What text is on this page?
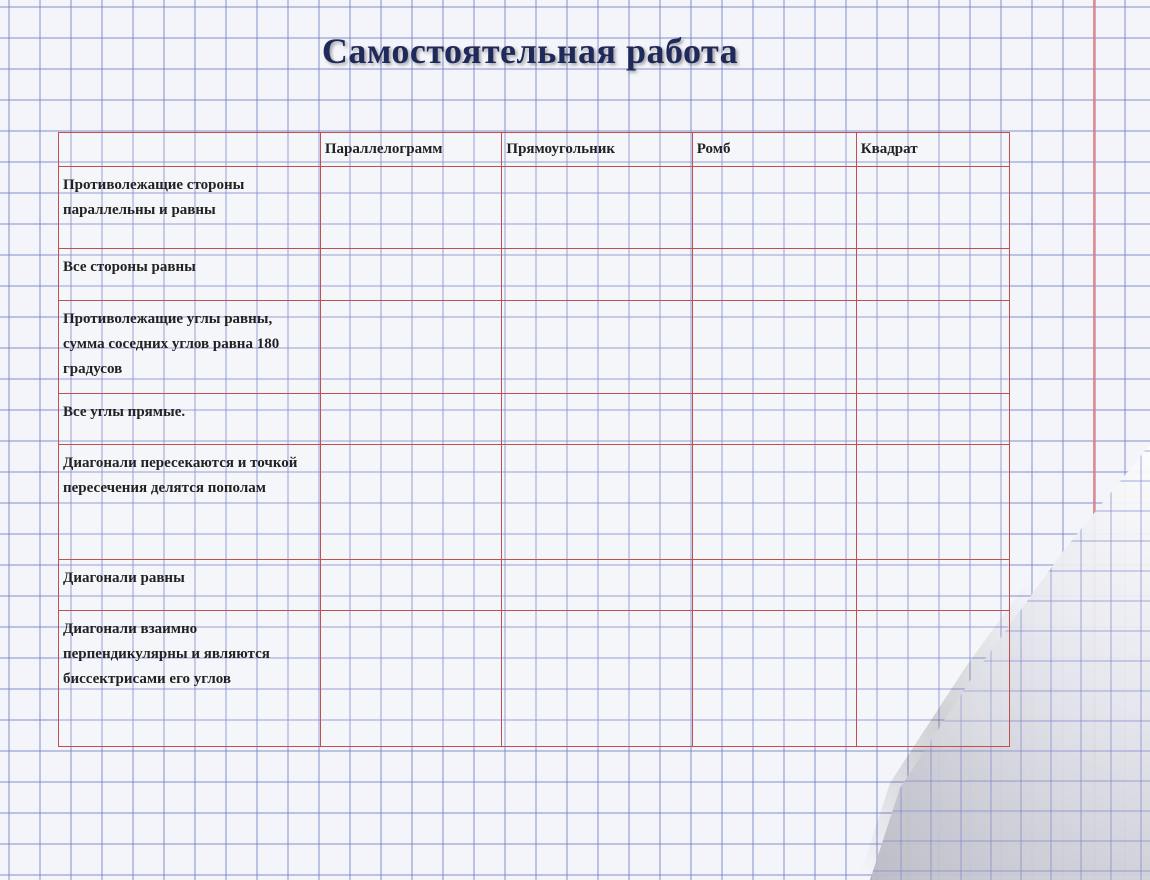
Самостоятельная работа
	Параллелограмм	Прямоугольник	Ромб	Квадрат
Противолежащие стороны параллельны и равны				
Все стороны равны				
Противолежащие углы равны, сумма соседних углов равна 180 градусов				
Все углы прямые.				
Диагонали пересекаются и точкой пересечения делятся пополам				
Диагонали равны				
Диагонали взаимно перпендикулярны и являются биссектрисами его углов				
